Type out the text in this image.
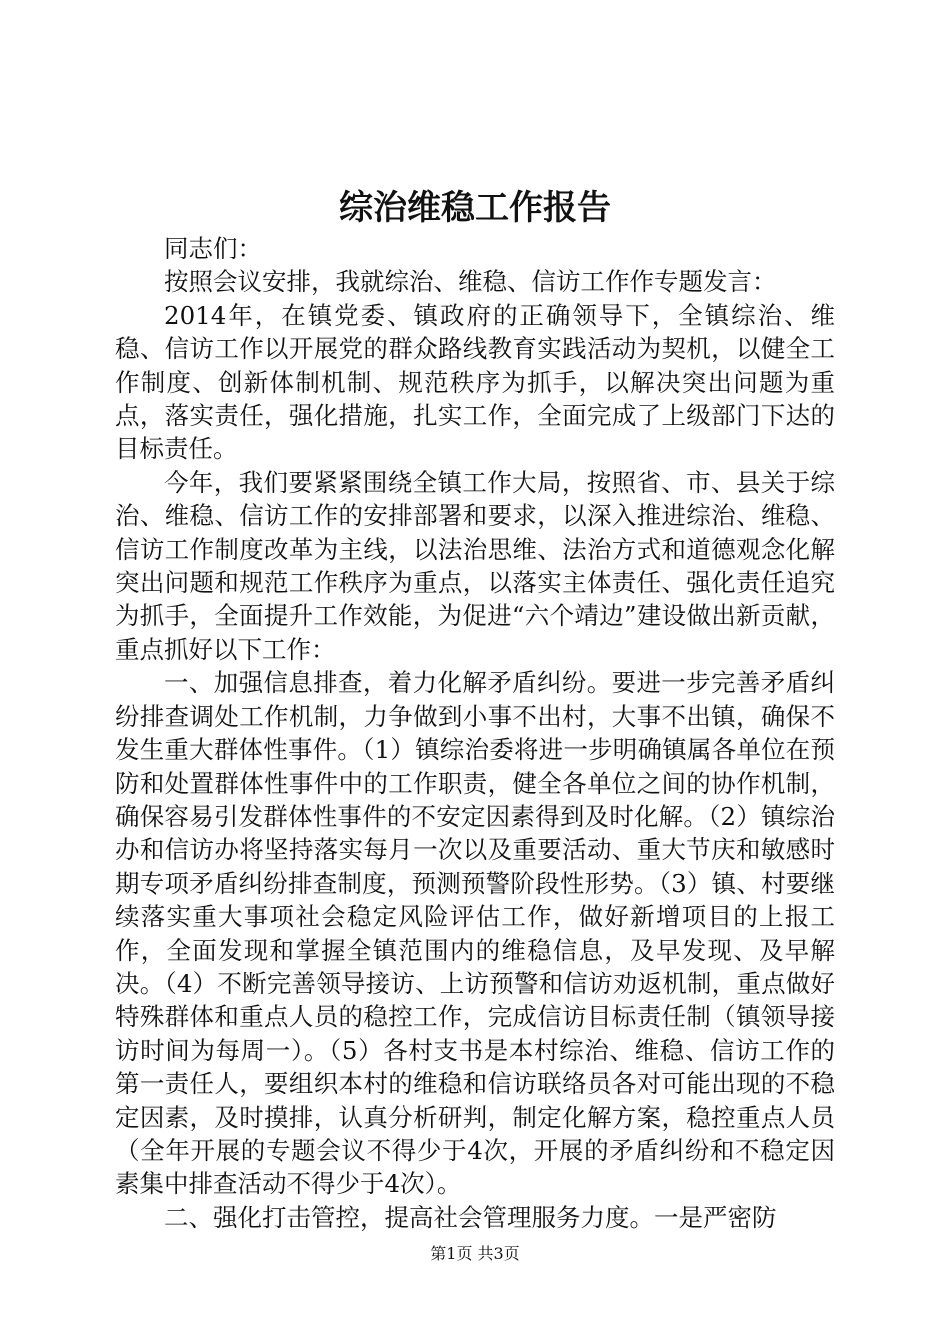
综治维稳工作报告

同志们：

按照会议安排，我就综治、维稳、信访工作作专题发言：

2014年，在镇党委、镇政府的正确领导下，全镇综治、维稳、信访工作以开展党的群众路线教育实践活动为契机，以健全工作制度、创新体制机制、规范秩序为抓手，以解决突出问题为重点，落实责任，强化措施，扎实工作，全面完成了上级部门下达的目标责任。

今年，我们要紧紧围绕全镇工作大局，按照省、市、县关于综治、维稳、信访工作的安排部署和要求，以深入推进综治、维稳、信访工作制度改革为主线，以法治思维、法治方式和道德观念化解突出问题和规范工作秩序为重点，以落实主体责任、强化责任追究为抓手，全面提升工作效能，为促进“六个靖边”建设做出新贡献，重点抓好以下工作：

一、加强信息排查，着力化解矛盾纠纷。要进一步完善矛盾纠纷排查调处工作机制，力争做到小事不出村，大事不出镇，确保不发生重大群体性事件。（1）镇综治委将进一步明确镇属各单位在预防和处置群体性事件中的工作职责，健全各单位之间的协作机制，确保容易引发群体性事件的不安定因素得到及时化解。（2）镇综治办和信访办将坚持落实每月一次以及重要活动、重大节庆和敏感时期专项矛盾纠纷排查制度，预测预警阶段性形势。（3）镇、村要继续落实重大事项社会稳定风险评估工作，做好新增项目的上报工作，全面发现和掌握全镇范围内的维稳信息，及早发现、及早解决。（4）不断完善领导接访、上访预警和信访劝返机制，重点做好特殊群体和重点人员的稳控工作，完成信访目标责任制（镇领导接访时间为每周一）。（5）各村支书是本村综治、维稳、信访工作的第一责任人，要组织本村的维稳和信访联络员各对可能出现的不稳定因素，及时摸排，认真分析研判，制定化解方案，稳控重点人员（全年开展的专题会议不得少于4次，开展的矛盾纠纷和不稳定因素集中排查活动不得少于4次）。

二、强化打击管控，提高社会管理服务力度。一是严密防

第1页 共3页
